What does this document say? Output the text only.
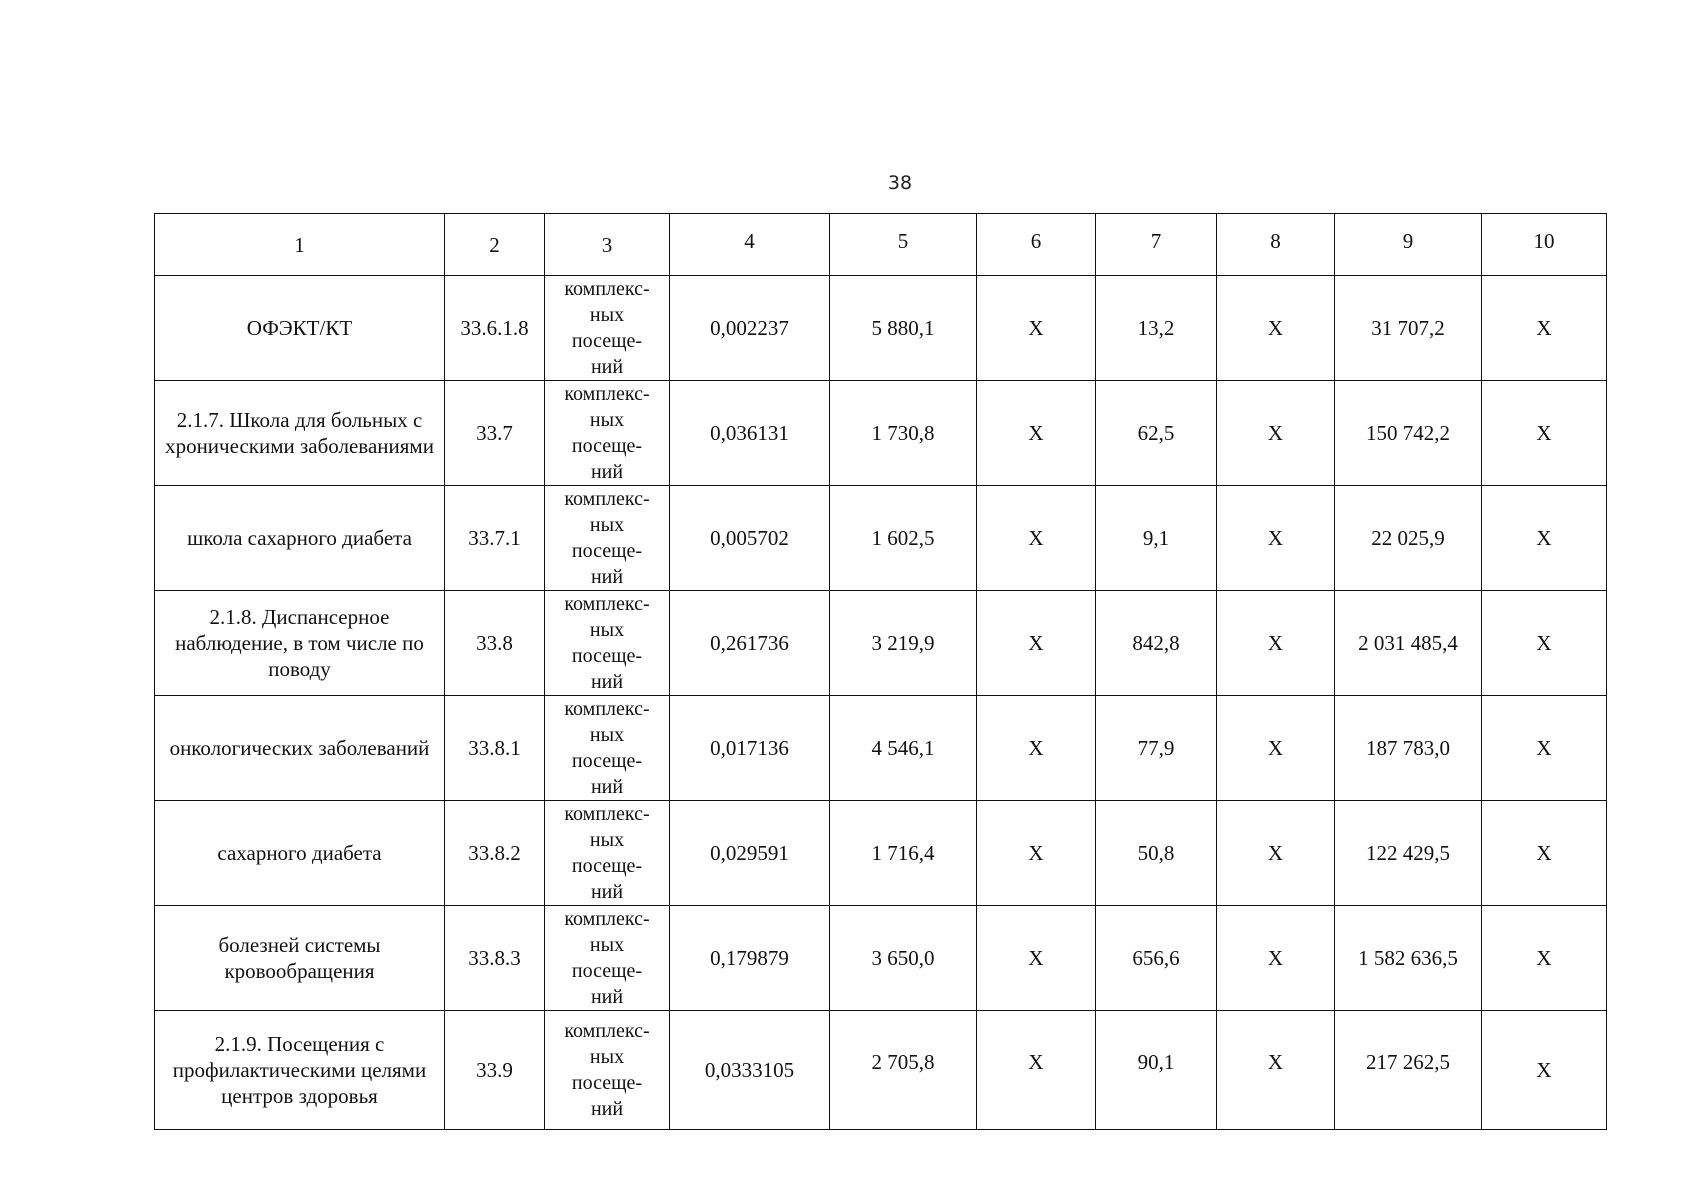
38
1	2	3	4	5	6	7	8	9	10
ОФЭКТ/КТ	33.6.1.8	комплекс-
ных
посеще-
ний	0,002237	5 880,1	X	13,2	X	31 707,2	X
2.1.7. Школа для больных с хроническими заболеваниями	33.7	комплекс-
ных
посеще-
ний	0,036131	1 730,8	X	62,5	X	150 742,2	X
школа сахарного диабета	33.7.1	комплекс-
ных
посеще-
ний	0,005702	1 602,5	X	9,1	X	22 025,9	X
2.1.8. Диспансерное наблюдение, в том числе по поводу	33.8	комплекс-
ных
посеще-
ний	0,261736	3 219,9	X	842,8	X	2 031 485,4	X
онкологических заболеваний	33.8.1	комплекс-
ных
посеще-
ний	0,017136	4 546,1	X	77,9	X	187 783,0	X
сахарного диабета	33.8.2	комплекс-
ных
посеще-
ний	0,029591	1 716,4	X	50,8	X	122 429,5	X
болезней системы кровообращения	33.8.3	комплекс-
ных
посеще-
ний	0,179879	3 650,0	X	656,6	X	1 582 636,5	X
2.1.9. Посещения с профилактическими целями центров здоровья	33.9	комплекс-
ных
посеще-
ний	0,0333105	2 705,8	X	90,1	X	217 262,5	X
